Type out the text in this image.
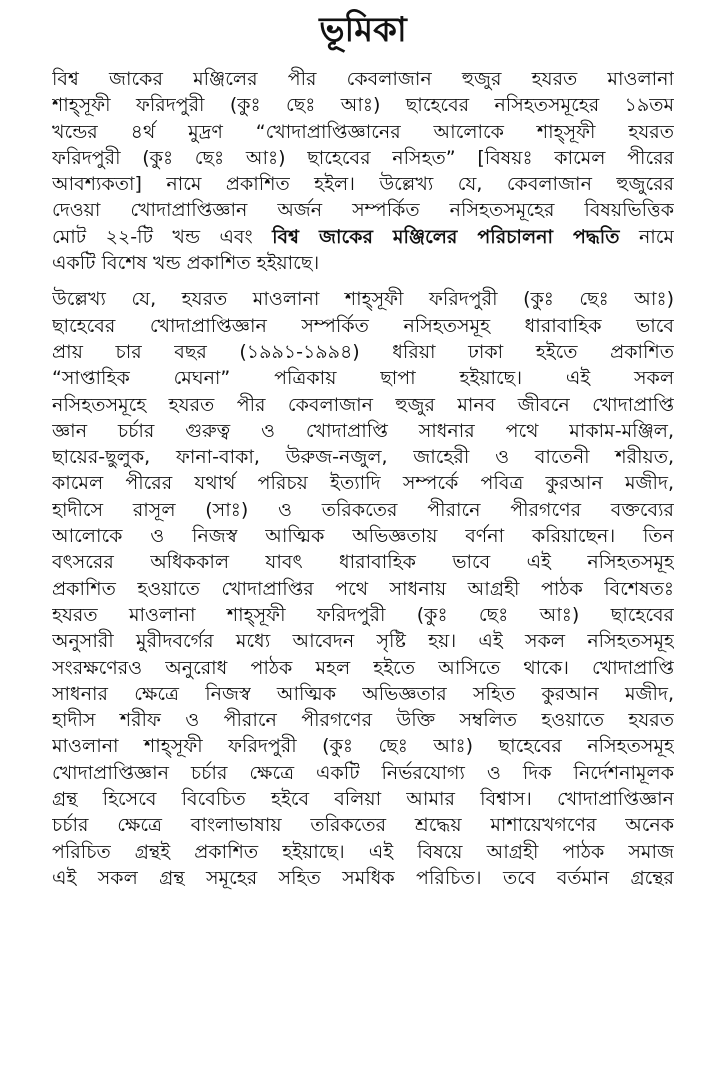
ভূমিকা
বিশ্ব জাকের মঞ্জিলের পীর কেবলাজান হুজুর হযরত মাওলানা
শাহ্সূফী ফরিদপুরী (কুঃ ছেঃ আঃ) ছাহেবের নসিহতসমূহের ১৯তম
খন্ডের ৪র্থ মুদ্রণ “খোদাপ্রাপ্তিজ্ঞানের আলোকে শাহ্সূফী হযরত
ফরিদপুরী (কুঃ ছেঃ আঃ) ছাহেবের নসিহত” [বিষয়ঃ কামেল পীরের
আবশ্যকতা] নামে প্রকাশিত হইল। উল্লেখ্য যে, কেবলাজান হুজুরের
দেওয়া খোদাপ্রাপ্তিজ্ঞান অর্জন সম্পর্কিত নসিহতসমূহের বিষয়ভিত্তিক
মোট ২২-টি খন্ড এবং বিশ্ব জাকের মঞ্জিলের পরিচালনা পদ্ধতি নামে
একটি বিশেষ খন্ড প্রকাশিত হইয়াছে।
উল্লেখ্য যে, হযরত মাওলানা শাহ্সূফী ফরিদপুরী (কুঃ ছেঃ আঃ)
ছাহেবের খোদাপ্রাপ্তিজ্ঞান সম্পর্কিত নসিহতসমূহ ধারাবাহিক ভাবে
প্রায় চার বছর (১৯৯১-১৯৯৪) ধরিয়া ঢাকা হইতে প্রকাশিত
“সাপ্তাহিক মেঘনা” পত্রিকায় ছাপা হইয়াছে। এই সকল
নসিহতসমূহে হযরত পীর কেবলাজান হুজুর মানব জীবনে খোদাপ্রাপ্তি
জ্ঞান চর্চার গুরুত্ব ও খোদাপ্রাপ্তি সাধনার পথে মাকাম-মঞ্জিল,
ছায়ের-ছুলুক, ফানা-বাকা, উরুজ-নজুল, জাহেরী ও বাতেনী শরীয়ত,
কামেল পীরের যথার্থ পরিচয় ইত্যাদি সম্পর্কে পবিত্র কুরআন মজীদ,
হাদীসে রাসূল (সাঃ) ও তরিকতের পীরানে পীরগণের বক্তব্যের
আলোকে ও নিজস্ব আত্মিক অভিজ্ঞতায় বর্ণনা করিয়াছেন। তিন
বৎসরের অধিককাল যাবৎ ধারাবাহিক ভাবে এই নসিহতসমূহ
প্রকাশিত হওয়াতে খোদাপ্রাপ্তির পথে সাধনায় আগ্রহী পাঠক বিশেষতঃ
হযরত মাওলানা শাহ্সূফী ফরিদপুরী (কুঃ ছেঃ আঃ) ছাহেবের
অনুসারী মুরীদবর্গের মধ্যে আবেদন সৃষ্টি হয়। এই সকল নসিহতসমূহ
সংরক্ষণেরও অনুরোধ পাঠক মহল হইতে আসিতে থাকে। খোদাপ্রাপ্তি
সাধনার ক্ষেত্রে নিজস্ব আত্মিক অভিজ্ঞতার সহিত কুরআন মজীদ,
হাদীস শরীফ ও পীরানে পীরগণের উক্তি সম্বলিত হওয়াতে হযরত
মাওলানা শাহ্সূফী ফরিদপুরী (কুঃ ছেঃ আঃ) ছাহেবের নসিহতসমূহ
খোদাপ্রাপ্তিজ্ঞান চর্চার ক্ষেত্রে একটি নির্ভরযোগ্য ও দিক নির্দেশনামূলক
গ্রন্থ হিসেবে বিবেচিত হইবে বলিয়া আমার বিশ্বাস। খোদাপ্রাপ্তিজ্ঞান
চর্চার ক্ষেত্রে বাংলাভাষায় তরিকতের শ্রদ্ধেয় মাশায়েখগণের অনেক
পরিচিত গ্রন্থই প্রকাশিত হইয়াছে। এই বিষয়ে আগ্রহী পাঠক সমাজ
এই সকল গ্রন্থ সমূহের সহিত সমধিক পরিচিত। তবে বর্তমান গ্রন্থের
